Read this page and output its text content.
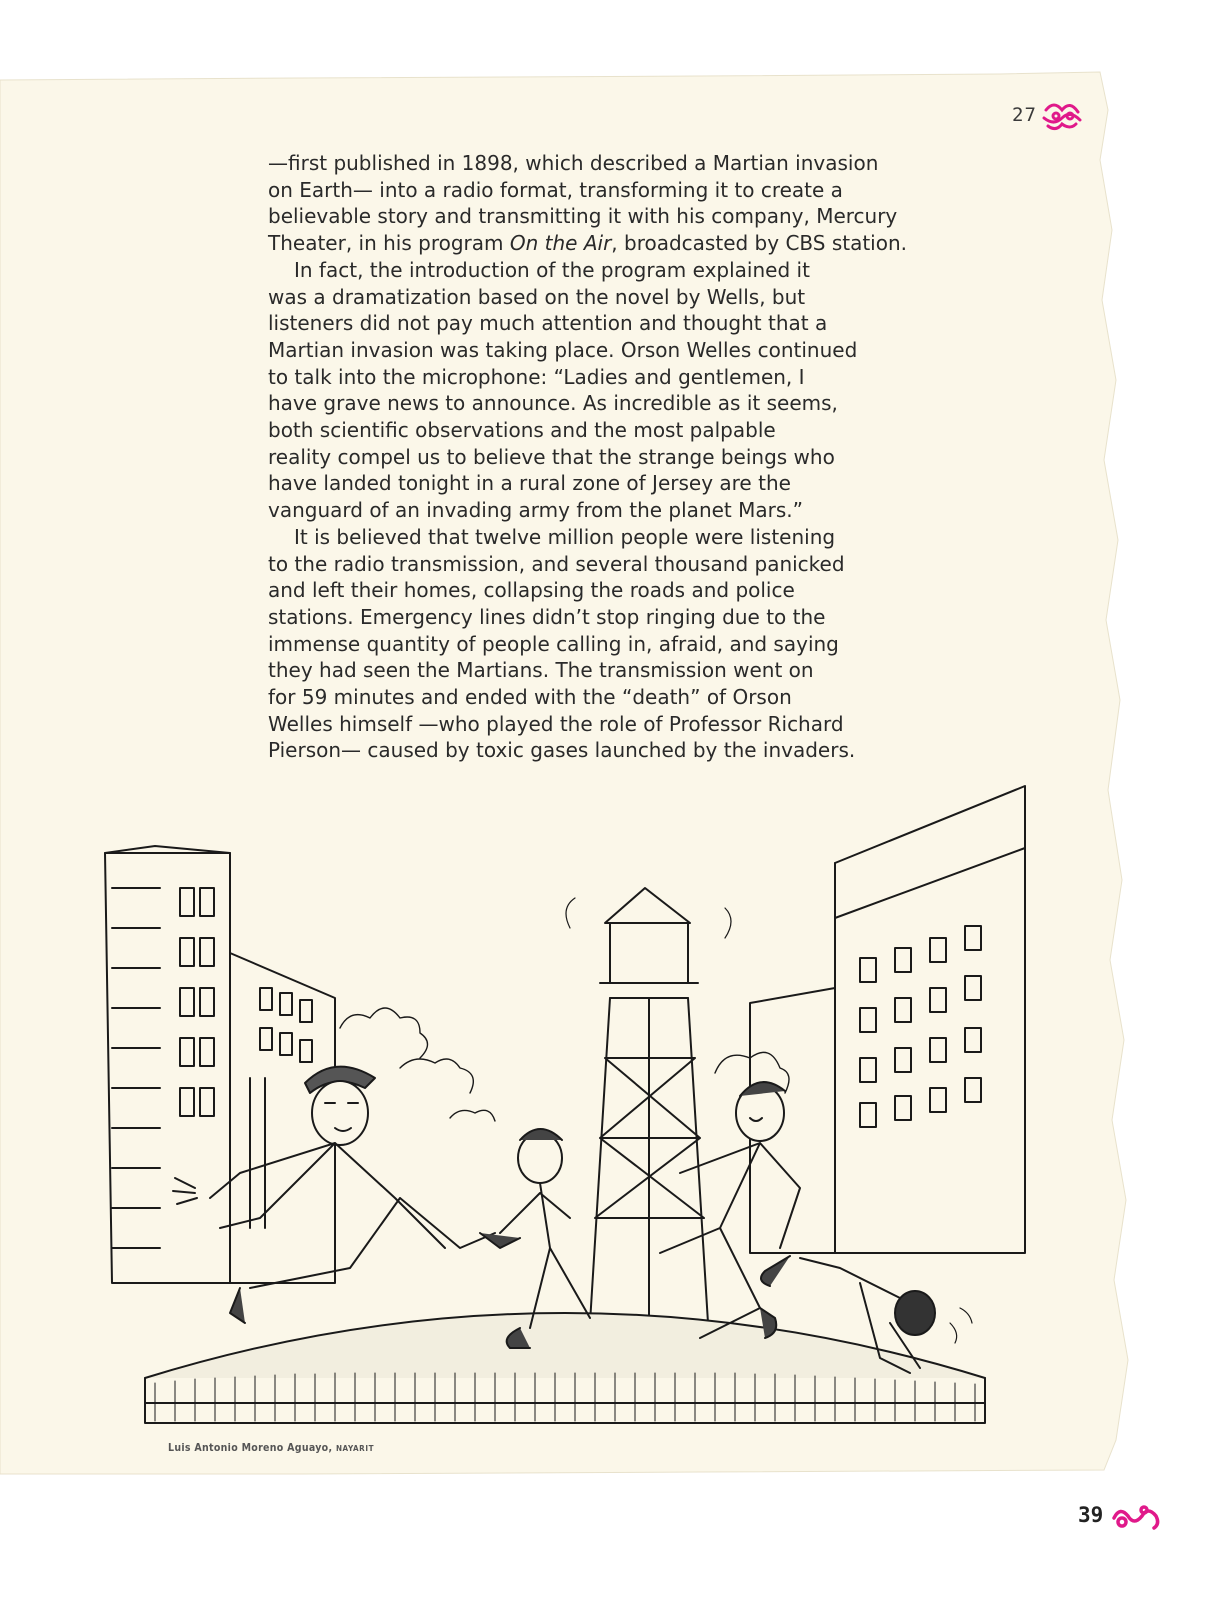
27

—first published in 1898, which described a Martian invasion
on Earth— into a radio format, transforming it to create a
believable story and transmitting it with his company, Mercury
Theater, in his program On the Air, broadcasted by CBS station.

In fact, the introduction of the program explained it
was a dramatization based on the novel by Wells, but
listeners did not pay much attention and thought that a
Martian invasion was taking place. Orson Welles continued
to talk into the microphone: “Ladies and gentlemen, I
have grave news to announce. As incredible as it seems,
both scientific observations and the most palpable
reality compel us to believe that the strange beings who
have landed tonight in a rural zone of Jersey are the
vanguard of an invading army from the planet Mars.”

It is believed that twelve million people were listening
to the radio transmission, and several thousand panicked
and left their homes, collapsing the roads and police
stations. Emergency lines didn’t stop ringing due to the
immense quantity of people calling in, afraid, and saying
they had seen the Martians. The transmission went on
for 59 minutes and ended with the “death” of Orson
Welles himself —who played the role of Professor Richard
Pierson— caused by toxic gases launched by the invaders.

Luis Antonio Moreno Aguayo, NAYARIT
39
